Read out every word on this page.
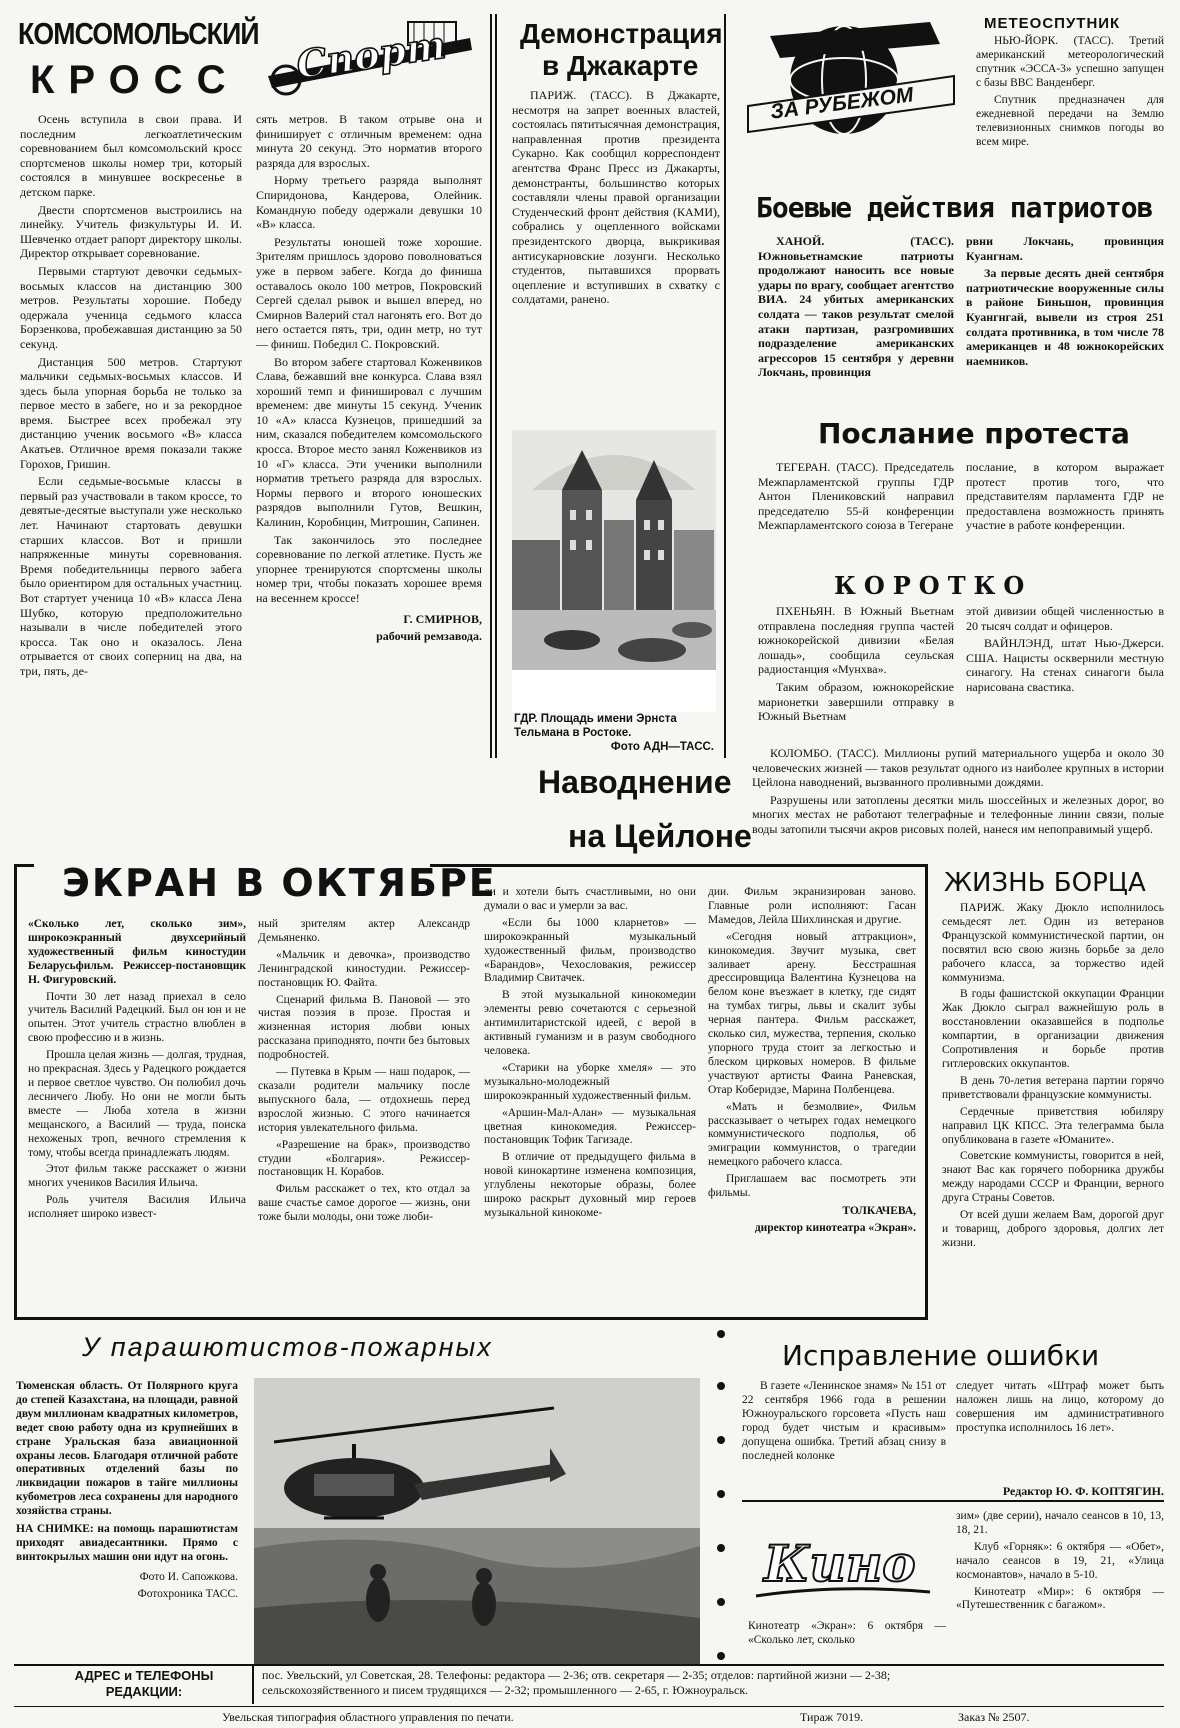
КОМСОМОЛЬСКИЙ
КРОСС Спорт

Осень вступила в свои права. И последним легкоатлетическим соревнованием был комсомольский кросс спортсменов школы номер три, который состоялся в минувшее воскресенье в детском парке.

Двести спортсменов выстроились на линейку. Учитель физкультуры И. И. Шевченко отдает рапорт директору школы. Директор открывает соревнование.

Первыми стартуют девочки седьмых-восьмых классов на дистанцию 300 метров. Результаты хорошие. Победу одержала ученица седьмого класса Борзенкова, пробежавшая дистанцию за 50 секунд.

Дистанция 500 метров. Стартуют мальчики седьмых-восьмых классов. И здесь была упорная борьба не только за первое место в забеге, но и за рекордное время. Быстрее всех пробежал эту дистанцию ученик восьмого «В» класса Акатьев. Отличное время показали также Горохов, Гришин.

Если седьмые-восьмые классы в первый раз участвовали в таком кроссе, то девятые-десятые выступали уже несколько лет. Начинают стартовать девушки старших классов. Вот и пришли напряженные минуты соревнования. Время победительницы первого забега было ориентиром для остальных участниц. Вот стартует ученица 10 «В» класса Лена Шубко, которую предположительно называли в числе победителей этого кросса. Так оно и оказалось. Лена отрывается от своих соперниц на два, на три, пять, де-

сять метров. В таком отрыве она и финиширует с отличным временем: одна минута 20 секунд. Это норматив второго разряда для взрослых.

Норму третьего разряда выполнят Спиридонова, Кандерова, Олейник. Командную победу одержали девушки 10 «В» класса.

Результаты юношей тоже хорошие. Зрителям пришлось здорово поволноваться уже в первом забеге. Когда до финиша оставалось около 100 метров, Покровский Сергей сделал рывок и вышел вперед, но Смирнов Валерий стал нагонять его. Вот до него остается пять, три, один метр, но тут — финиш. Победил С. Покровский.

Во втором забеге стартовал Коженвиков Слава, бежавший вне конкурса. Слава взял хороший темп и финишировал с лучшим временем: две минуты 15 секунд. Ученик 10 «А» класса Кузнецов, пришедший за ним, сказался победителем комсомольского кросса. Второе место занял Коженвиков из 10 «Г» класса. Эти ученики выполнили норматив третьего разряда для взрослых. Нормы первого и второго юношеских разрядов выполнили Гутов, Вешкин, Калинин, Коробицин, Митрошин, Сапинен.

Так закончилось это последнее соревнование по легкой атлетике. Пусть же упорнее тренируются спортсмены школы номер три, чтобы показать хорошее время на весеннем кроссе!

Г. СМИРНОВ,

рабочий ремзавода.

Демонстрация
в Джакарте

ПАРИЖ. (ТАСС). В Джакарте, несмотря на запрет военных властей, состоялась пятитысячная демонстрация, направленная против президента Сукарно. Как сообщил корреспондент агентства Франс Пресс из Джакарты, демонстранты, большинство которых составляли члены правой организации Студенческий фронт действия (КАМИ), собрались у оцепленного войсками президентского дворца, выкрикивая антисукарновские лозунги. Несколько студентов, пытавшихся прорвать оцепление и вступивших в схватку с солдатами, ранено.

ГДР. Площадь имени Эрнста Тельмана в Ростоке.
Фото АДН—ТАСС.
ЗА РУБЕЖОМ
МЕТЕОСПУТНИК

НЬЮ-ЙОРК. (ТАСС). Третий американский метеорологический спутник «ЭССА-3» успешно запущен с базы ВВС Ванденберг.

Спутник предназначен для ежедневной передачи на Землю телевизионных снимков погоды во всем мире.

Боевые действия патриотов

ХАНОЙ. (ТАСС). Южновьетнамские патриоты продолжают наносить все новые удары по врагу, сообщает агентство ВИА. 24 убитых американских солдата — таков результат смелой атаки партизан, разгромивших подразделение американских агрессоров 15 сентября у деревни Локчань, провинция

рвни Локчань, провинция Куангнам.

За первые десять дней сентября патриотические вооруженные силы в районе Биньшон, провинция Куангнгай, вывели из строя 251 солдата противника, в том числе 78 американцев и 48 южнокорейских наемников.

Послание протеста

ТЕГЕРАН. (ТАСС). Председатель Межпарламентской группы ГДР Антон Плениковский направил председателю 55-й конференции Межпарламентского союза в Тегеране

послание, в котором выражает протест против того, что представителям парламента ГДР не предоставлена возможность принять участие в работе конференции.

КОРОТКО

ПХЕНЬЯН. В Южный Вьетнам отправлена последняя группа частей южнокорейской дивизии «Белая лошадь», сообщила сеульская радиостанция «Мунхва».

Таким образом, южнокорейские марионетки завершили отправку в Южный Вьетнам

этой дивизии общей численностью в 20 тысяч солдат и офицеров.

ВАЙНЛЭНД, штат Нью-Джерси. США. Нацисты осквернили местную синагогу. На стенах синагоги была нарисована свастика.

Наводнение
на Цейлоне

КОЛОМБО. (ТАСС). Миллионы рупий материального ущерба и около 30 человеческих жизней — таков результат одного из наиболее крупных в истории Цейлона наводнений, вызванного проливными дождями.

Разрушены или затоплены десятки миль шоссейных и железных дорог, во многих местах не работают телеграфные и телефонные линии связи, полые воды затопили тысячи акров рисовых полей, нанеся им непоправимый ущерб.

ЭКРАН В ОКТЯБРЕ

«Сколько лет, сколько зим», широкоэкранный двухсерийный художественный фильм киностудии Беларусьфильм. Режиссер-постановщик Н. Фигуровский.

Почти 30 лет назад приехал в село учитель Василий Радецкий. Был он юн и не опытен. Этот учитель страстно влюблен в свою профессию и в жизнь.

Прошла целая жизнь — долгая, трудная, но прекрасная. Здесь у Радецкого рождается и первое светлое чувство. Он полюбил дочь лесничего Любу. Но они не могли быть вместе — Люба хотела в жизни мещанского, а Василий — труда, поиска нехоженых троп, вечного стремления к тому, чтобы всегда принадлежать людям.

Этот фильм также расскажет о жизни многих учеников Василия Ильича.

Роль учителя Василия Ильича исполняет широко извест-

ный зрителям актер Александр Демьяненко.

«Мальчик и девочка», производство Ленинградской киностудии. Режиссер-постановщик Ю. Файта.

Сценарий фильма В. Пановой — это чистая поэзия в прозе. Простая и жизненная история любви юных рассказана приподнято, почти без бытовых подробностей.

— Путевка в Крым — наш подарок, — сказали родители мальчику после выпускного бала, — отдохнешь перед взрослой жизнью. С этого начинается история увлекательного фильма.

«Разрешение на брак», производство студии «Болгария». Режиссер-постановщик Н. Корабов.

Фильм расскажет о тех, кто отдал за ваше счастье самое дорогое — жизнь, они тоже были молоды, они тоже люби-

ли и хотели быть счастливыми, но они думали о вас и умерли за вас.

«Если бы 1000 кларнетов» — широкоэкранный музыкальный художественный фильм, производство «Барандов», Чехословакия, режиссер Владимир Свитачек.

В этой музыкальной кинокомедии элементы ревю сочетаются с серьезной антимилитаристской идеей, с верой в активный гуманизм и в разум свободного человека.

«Старики на уборке хмеля» — это музыкально-молодежный широкоэкранный художественный фильм.

«Аршин-Мал-Алан» — музыкальная цветная кинокомедия. Режиссер-постановщик Тофик Тагизаде.

В отличие от предыдущего фильма в новой кинокартине изменена композиция, углублены некоторые образы, более широко раскрыт духовный мир героев музыкальной кинокоме-

дии. Фильм экранизирован заново. Главные роли исполняют: Гасан Мамедов, Лейла Шихлинская и другие.

«Сегодня новый аттракцион», кинокомедия. Звучит музыка, свет заливает арену. Бесстрашная дрессировщица Валентина Кузнецова на белом коне въезжает в клетку, где сидят на тумбах тигры, львы и скалит зубы черная пантера. Фильм расскажет, сколько сил, мужества, терпения, сколько упорного труда стоит за легкостью и блеском цирковых номеров. В фильме участвуют артисты Фаина Раневская, Отар Коберидзе, Марина Полбенцева.

«Мать и безмолвие», Фильм рассказывает о четырех годах немецкого коммунистического подполья, об эмиграции коммунистов, о трагедии немецкого рабочего класса.

Приглашаем вас посмотреть эти фильмы.

ТОЛКАЧЕВА,

директор кинотеатра «Экран».

ЖИЗНЬ БОРЦА

ПАРИЖ. Жаку Дюкло исполнилось семьдесят лет. Один из ветеранов Французской коммунистической партии, он посвятил всю свою жизнь борьбе за дело рабочего класса, за торжество идей коммунизма.

В годы фашистской оккупации Франции Жак Дюкло сыграл важнейшую роль в восстановлении оказавшейся в подполье компартии, в организации движения Сопротивления и борьбе против гитлеровских оккупантов.

В день 70-летия ветерана партии горячо приветствовали французские коммунисты.

Сердечные приветствия юбиляру направил ЦК КПСС. Эта телеграмма была опубликована в газете «Юманите».

Советские коммунисты, говорится в ней, знают Вас как горячего поборника дружбы между народами СССР и Франции, верного друга Страны Советов.

От всей души желаем Вам, дорогой друг и товарищ, доброго здоровья, долгих лет жизни.

У парашютистов-пожарных

Тюменская область. От Полярного круга до степей Казахстана, на площади, равной двум миллионам квадратных километров, ведет свою работу одна из крупнейших в стране Уральская база авиационной охраны лесов. Благодаря отличной работе оперативных отделений базы по ликвидации пожаров в тайге миллионы кубометров леса сохранены для народного хозяйства страны.

НА СНИМКЕ: на помощь парашютистам приходят авиадесантники. Прямо с винтокрылых машин они идут на огонь.

Фото И. Сапожкова.

Фотохроника ТАСС.

Исправление ошибки

В газете «Ленинское знамя» № 151 от 22 сентября 1966 года в решении Южноуральского горсовета «Пусть наш город будет чистым и красивым» допущена ошибка. Третий абзац снизу в последней колонке

следует читать «Штраф может быть наложен лишь на лицо, которому до совершения им административного проступка исполнилось 16 лет».

Редактор Ю. Ф. КОПТЯГИН.
Кино

Кинотеатр «Экран»: 6 октября — «Сколько лет, сколько

зим» (две серии), начало сеансов в 10, 13, 18, 21.

Клуб «Горняк»: 6 октября — «Обет», начало сеансов в 19, 21, «Улица космонавтов», начало в 5-10.

Кинотеатр «Мир»: 6 октября — «Путешественник с багажом».

АДРЕС и ТЕЛЕФОНЫ
РЕДАКЦИИ:
пос. Увельский, ул Советская, 28. Телефоны: редактора — 2-36; отв. секретаря — 2-35; отделов: партийной жизни — 2-38;
сельскохозяйственного и писем трудящихся — 2-32; промышленного — 2-65, г. Южноуральск.
Увельская типография областного управления по печати.	Тираж 7019.	Заказ № 2507.
